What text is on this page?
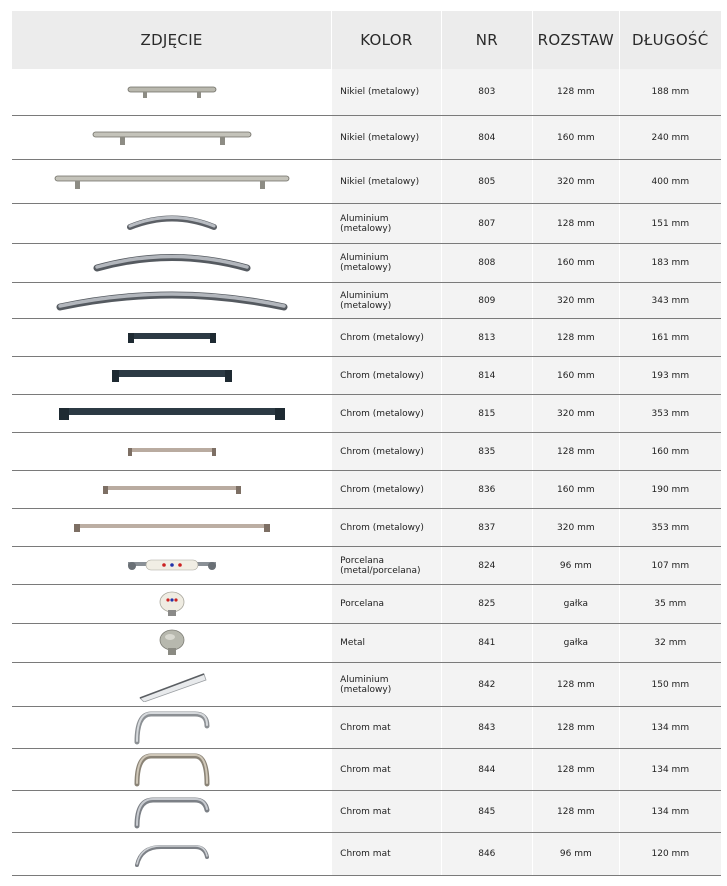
ZDJĘCIE	KOLOR	NR	ROZSTAW	DŁUGOŚĆ
Nikiel (metalowy)	803	128 mm	188 mm
Nikiel (metalowy)	804	160 mm	240 mm
Nikiel (metalowy)	805	320 mm	400 mm
Aluminium (metalowy)	807	128 mm	151 mm
Aluminium (metalowy)	808	160 mm	183 mm
Aluminium (metalowy)	809	320 mm	343 mm
Chrom (metalowy)	813	128 mm	161 mm
Chrom (metalowy)	814	160 mm	193 mm
Chrom (metalowy)	815	320 mm	353 mm
Chrom (metalowy)	835	128 mm	160 mm
Chrom (metalowy)	836	160 mm	190 mm
Chrom (metalowy)	837	320 mm	353 mm
Porcelana (metal/porcelana)	824	96 mm	107 mm
Porcelana	825	gałka	35 mm
Metal	841	gałka	32 mm
Aluminium (metalowy)	842	128 mm	150 mm
Chrom mat	843	128 mm	134 mm
Chrom mat	844	128 mm	134 mm
Chrom mat	845	128 mm	134 mm
Chrom mat	846	96 mm	120 mm
